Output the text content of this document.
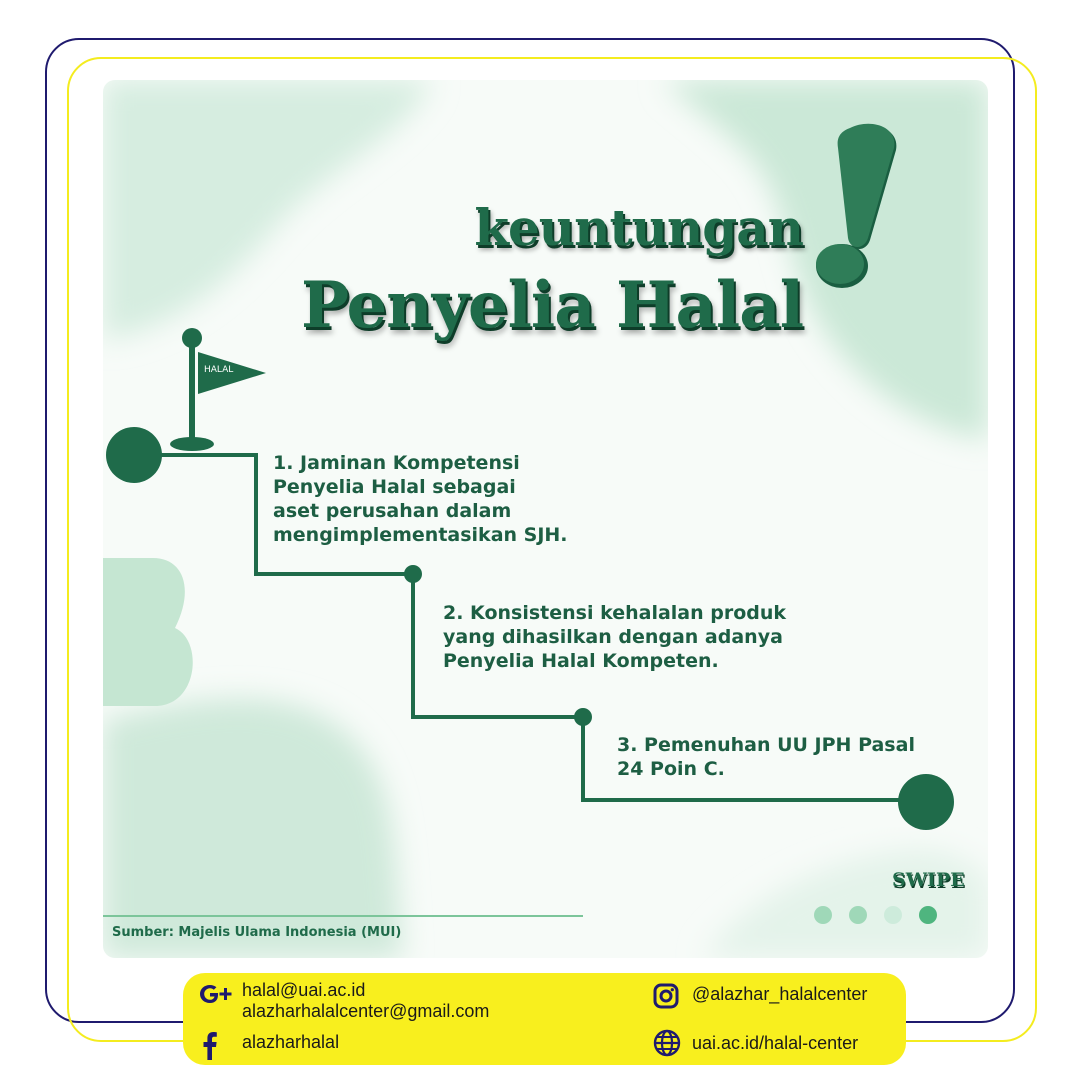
keuntungan
Penyelia Halal
HALAL
1. Jaminan Kompetensi
Penyelia Halal sebagai
aset perusahan dalam
mengimplementasikan SJH.
2. Konsistensi kehalalan produk
yang dihasilkan dengan adanya
Penyelia Halal Kompeten.
3. Pemenuhan UU JPH Pasal
24 Poin C.
SWIPE
Sumber: Majelis Ulama Indonesia (MUI)
halal@uai.ac.id
alazharhalalcenter@gmail.com
alazharhalal
@alazhar_halalcenter
uai.ac.id/halal-center
